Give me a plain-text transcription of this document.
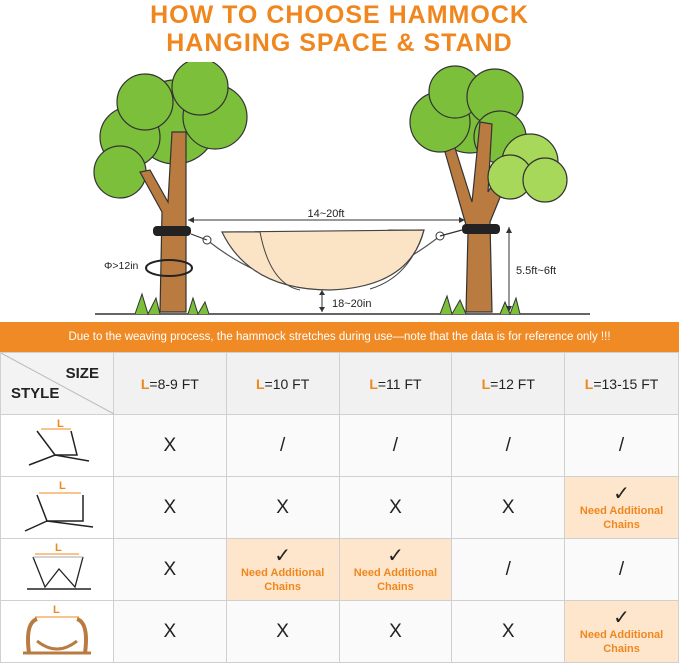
HOW TO CHOOSE HAMMOCK
HANGING SPACE & STAND
14~20ft
Φ>12in	5.5ft~6ft
18~20in
Due to the weaving process, the hammock stretches during use—note that the data is for reference only !!!
SIZE
STYLE	L=8-9 FT	L=10 FT	L=11 FT	L=12 FT	L=13-15 FT

L	X	/	/	/	/

L	X	X	X	X	✓
Need Additional
Chains

L	X	✓
Need Additional
Chains	✓
Need Additional
Chains	/	/

L	X	X	X	X	✓
Need Additional
Chains
